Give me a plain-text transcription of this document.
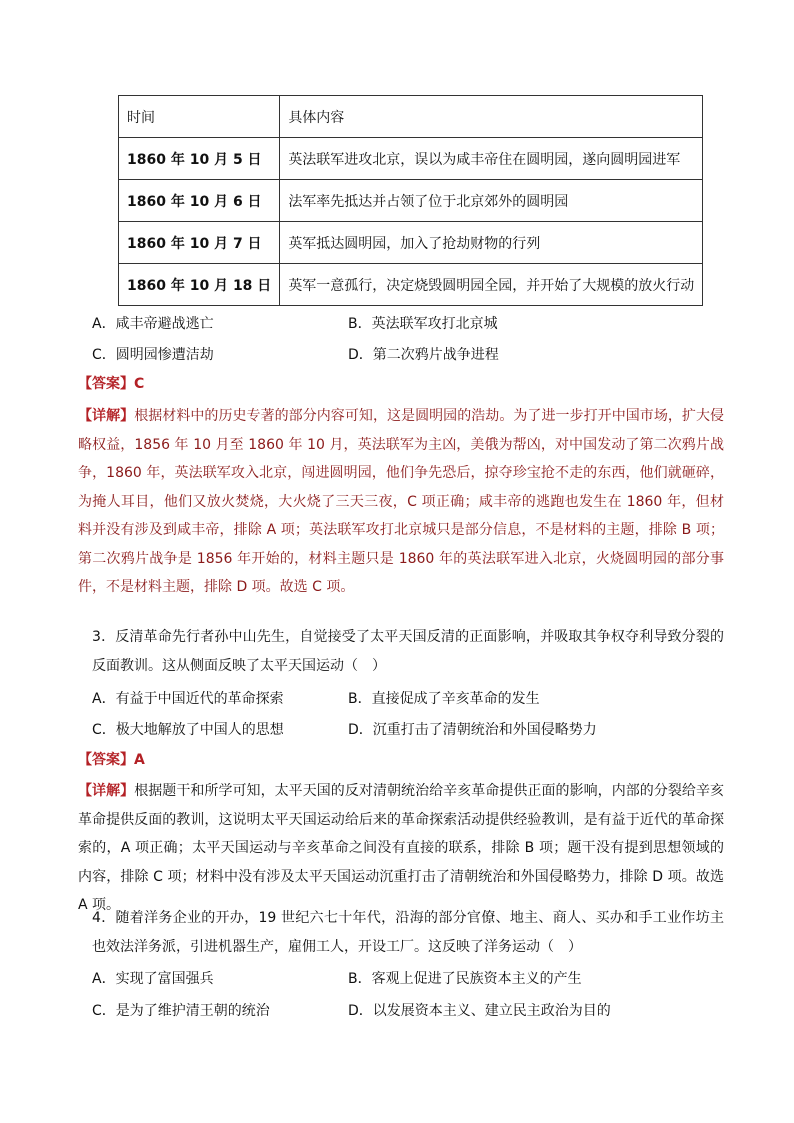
时间	具体内容
1860 年 10 月 5 日	英法联军进攻北京，误以为咸丰帝住在圆明园，遂向圆明园进军
1860 年 10 月 6 日	法军率先抵达并占领了位于北京郊外的圆明园
1860 年 10 月 7 日	英军抵达圆明园，加入了抢劫财物的行列
1860 年 10 月 18 日	英军一意孤行，决定烧毁圆明园全园，并开始了大规模的放火行动
A．咸丰帝避战逃亡	B．英法联军攻打北京城
C．圆明园惨遭洁劫	D．第二次鸦片战争进程
【答案】C
【详解】根据材料中的历史专著的部分内容可知，这是圆明园的浩劫。为了进一步打开中国市场，扩大侵略权益，1856 年 10 月至 1860 年 10 月，英法联军为主凶，美俄为帮凶，对中国发动了第二次鸦片战争，1860 年，英法联军攻入北京，闯进圆明园，他们争先恐后，掠夺珍宝抢不走的东西，他们就砸碎，为掩人耳目，他们又放火焚烧，大火烧了三天三夜，C 项正确；咸丰帝的逃跑也发生在 1860 年，但材料并没有涉及到咸丰帝，排除 A 项；英法联军攻打北京城只是部分信息，不是材料的主题，排除 B 项；第二次鸦片战争是 1856 年开始的，材料主题只是 1860 年的英法联军进入北京，火烧圆明园的部分事件，不是材料主题，排除 D 项。故选 C 项。
3．反清革命先行者孙中山先生，自觉接受了太平天国反清的正面影响，并吸取其争权夺利导致分裂的反面教训。这从侧面反映了太平天国运动（　）
A．有益于中国近代的革命探索	B．直接促成了辛亥革命的发生
C．极大地解放了中国人的思想	D．沉重打击了清朝统治和外国侵略势力
【答案】A
【详解】根据题干和所学可知，太平天国的反对清朝统治给辛亥革命提供正面的影响，内部的分裂给辛亥革命提供反面的教训，这说明太平天国运动给后来的革命探索活动提供经验教训，是有益于近代的革命探索的，A 项正确；太平天国运动与辛亥革命之间没有直接的联系，排除 B 项；题干没有提到思想领域的内容，排除 C 项；材料中没有涉及太平天国运动沉重打击了清朝统治和外国侵略势力，排除 D 项。故选 A 项。
4．随着洋务企业的开办，19 世纪六七十年代，沿海的部分官僚、地主、商人、买办和手工业作坊主也效法洋务派，引进机器生产，雇佣工人，开设工厂。这反映了洋务运动（　）
A．实现了富国强兵	B．客观上促进了民族资本主义的产生
C．是为了维护清王朝的统治	D．以发展资本主义、建立民主政治为目的
